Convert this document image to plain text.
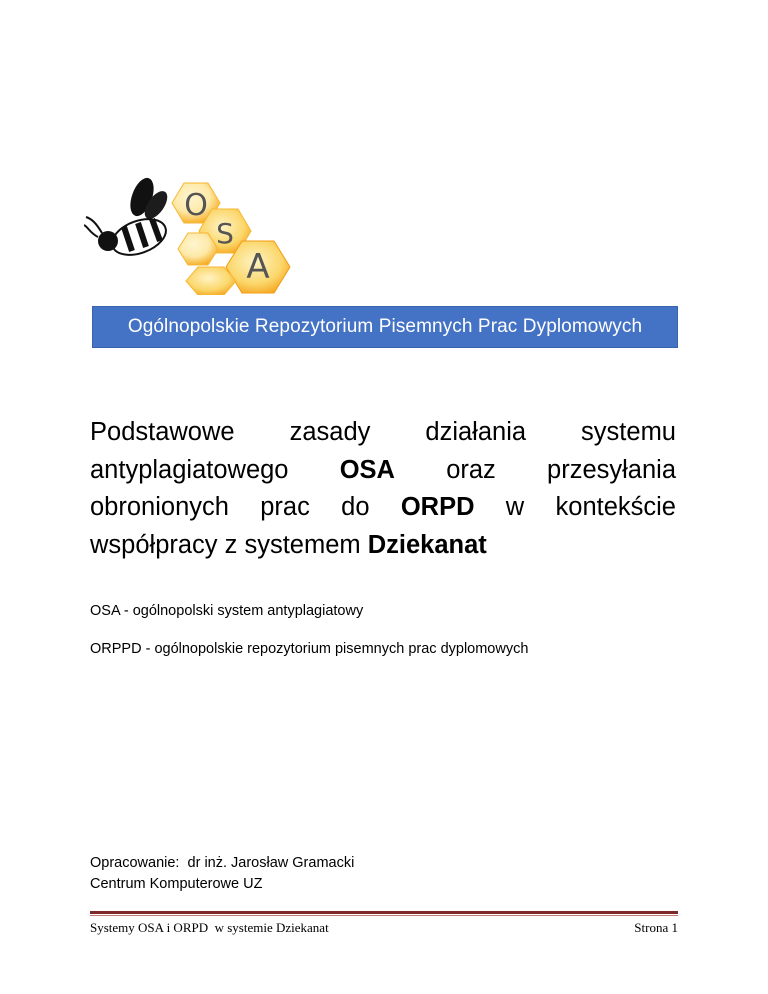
O
S
A
Ogólnopolskie Repozytorium Pisemnych Prac Dyplomowych
Podstawowe zasady działania systemu
antyplagiatowego OSA oraz przesyłania
obronionych prac do ORPD w kontekście
współpracy z systemem Dziekanat
OSA - ogólnopolski system antyplagiatowy
ORPPD - ogólnopolskie repozytorium pisemnych prac dyplomowych
Opracowanie:  dr inż. Jarosław Gramacki
Centrum Komputerowe UZ
Systemy OSA i ORPD  w systemie Dziekanat	Strona 1
